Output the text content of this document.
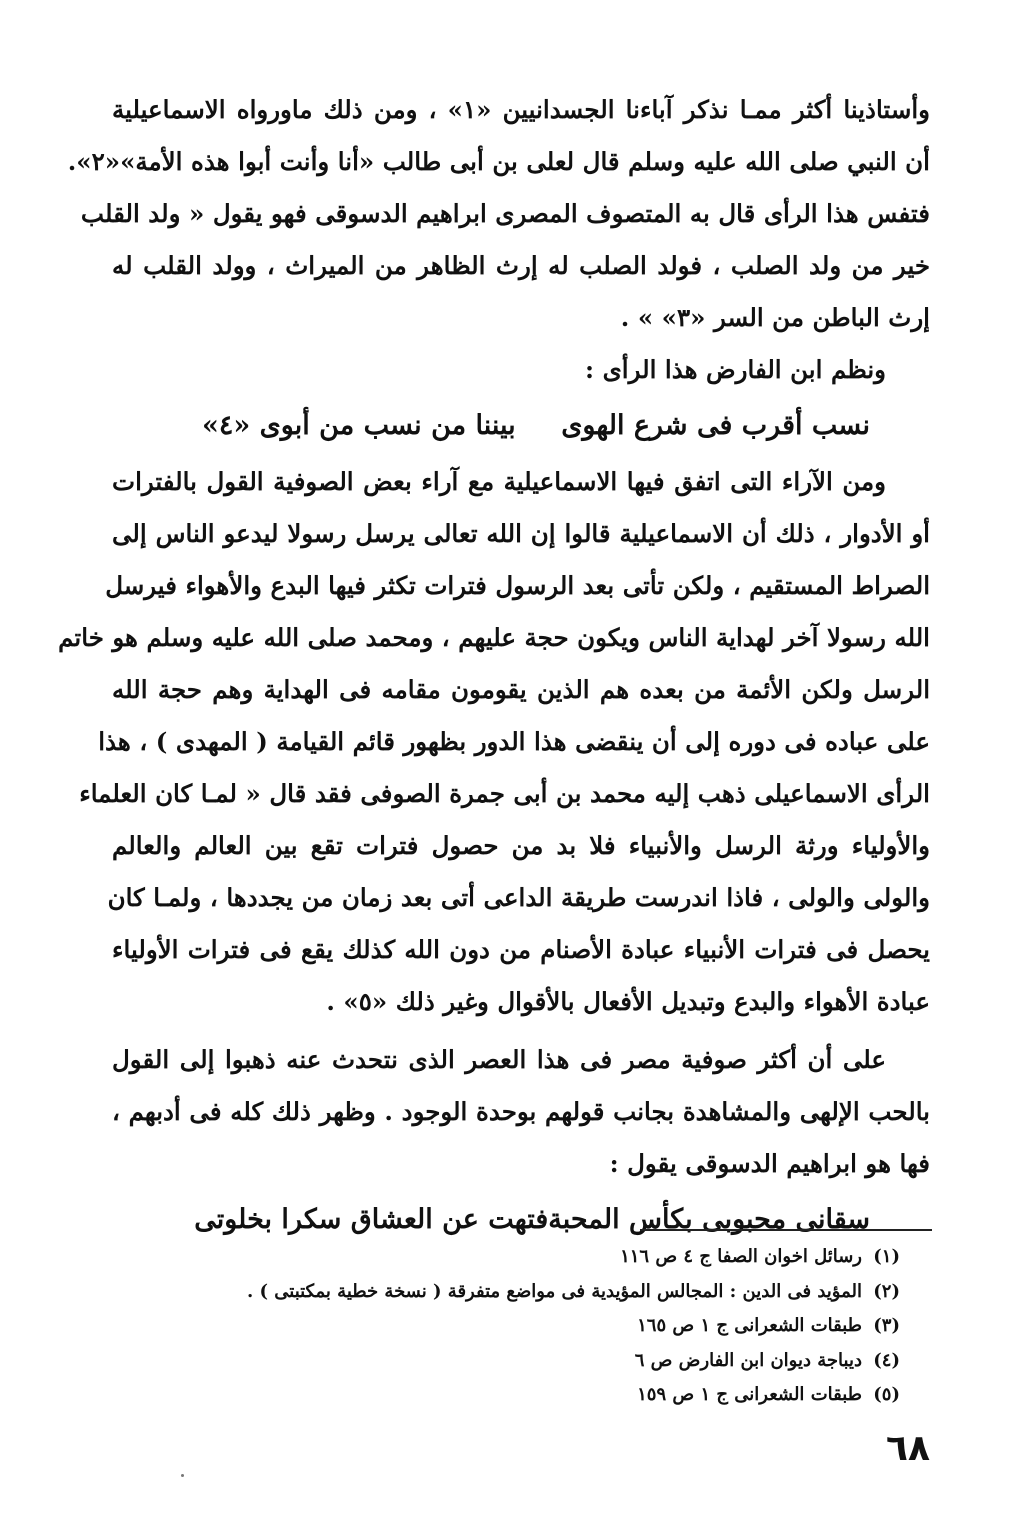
وأستاذينا أكثر ممـا نذكر آباءنا الجسدانيين «١» ، ومن ذلك ماورواه الاسماعيلية
أن النبي صلى الله عليه وسلم قال لعلى بن أبى طالب «أنا وأنت أبوا هذه الأمة»«٢».
فتفس هذا الرأى قال به المتصوف المصرى ابراهيم الدسوقى فهو يقول « ولد القلب
خير من ولد الصلب ، فولد الصلب له إرث الظاهر من الميراث ، وولد القلب له
إرث الباطن من السر «٣» » .

ونظم ابن الفارض هذا الرأى :

نسب أقرب فى شرع الهوى
بيننا من نسب من أبوى «٤»

ومن الآراء التى اتفق فيها الاسماعيلية مع آراء بعض الصوفية القول بالفترات
أو الأدوار ، ذلك أن الاسماعيلية قالوا إن الله تعالى يرسل رسولا ليدعو الناس إلى
الصراط المستقيم ، ولكن تأتى بعد الرسول فترات تكثر فيها البدع والأهواء فيرسل
الله رسولا آخر لهداية الناس ويكون حجة عليهم ، ومحمد صلى الله عليه وسلم هو خاتم
الرسل ولكن الأئمة من بعده هم الذين يقومون مقامه فى الهداية وهم حجة الله
على عباده فى دوره إلى أن ينقضى هذا الدور بظهور قائم القيامة ( المهدى ) ، هذا
الرأى الاسماعيلى ذهب إليه محمد بن أبى جمرة الصوفى فقد قال « لمـا كان العلماء
والأولياء ورثة الرسل والأنبياء فلا بد من حصول فترات تقع بين العالم والعالم
والولى والولى ، فاذا اندرست طريقة الداعى أتى بعد زمان من يجددها ، ولمـا كان
يحصل فى فترات الأنبياء عبادة الأصنام من دون الله كذلك يقع فى فترات الأولياء
عبادة الأهواء والبدع وتبديل الأفعال بالأقوال وغير ذلك «٥» .

على أن أكثر صوفية مصر فى هذا العصر الذى نتحدث عنه ذهبوا إلى القول
بالحب الإلهى والمشاهدة بجانب قولهم بوحدة الوجود . وظهر ذلك كله فى أدبهم ،
فها هو ابراهيم الدسوقى يقول :

سقانى محبوبى بكأس المحبة
فتهت عن العشاق سكرا بخلوتى
(١)
رسائل اخوان الصفا ج ٤ ص ١١٦
(٢)
المؤيد فى الدين : المجالس المؤيدية فى مواضع متفرقة ( نسخة خطية بمكتبتى ) .
(٣)
طبقات الشعرانى ج ١ ص ١٦٥
(٤)
ديباجة ديوان ابن الفارض ص ٦
(٥)
طبقات الشعرانى ج ١ ص ١٥٩
٦٨
